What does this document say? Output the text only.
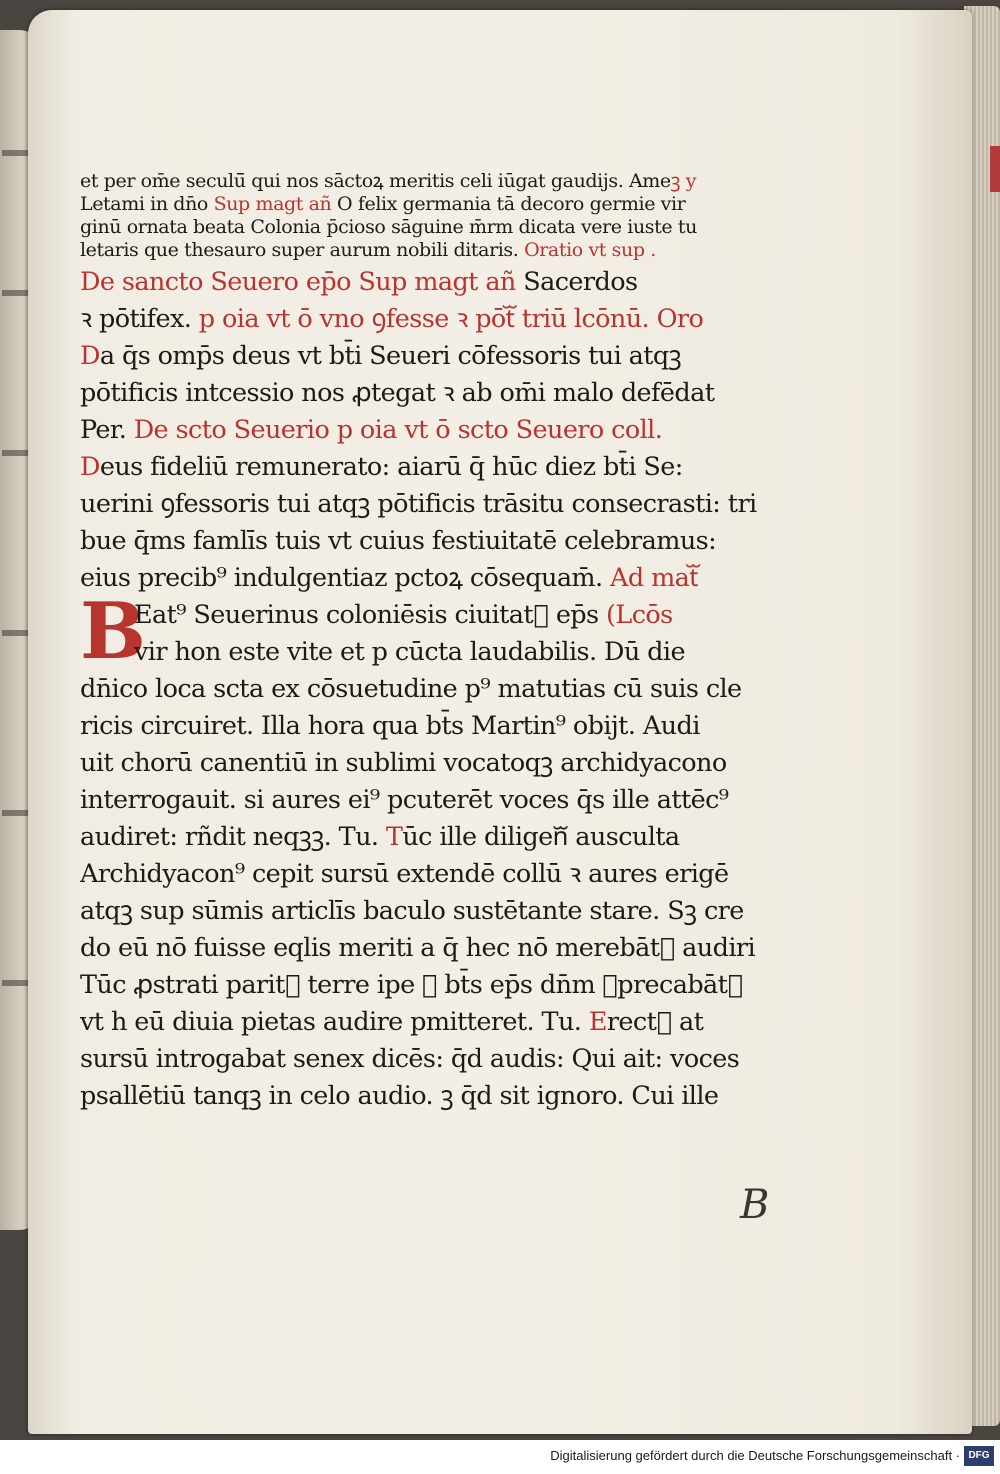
et per om̄e seculū̄ qui nos sāctoꝝ meritis celi iūgat gaudijs. Ameꝫ y
Letami in dn̄o Sup magt añ O felix germania tā decoro germie vir
ginū ornata beata Colonia p̄cioso sāguine m̄rm dicata vere iuste tu
letaris que thesauro super aurum nobili ditaris. Oratio vt sup .
De sancto Seuero ep̄o Sup magt añ Sacerdos
ꝛ pōtifex. p oia vt ō vno ꝯfesse ꝛ pōtᷓ triū lcōnū. Oro
Da q̄s omp̄s deus vt bt̄i Seueri cōfessoris tui atqꝫ
pōtificis intcessio nos ꝓtegat ꝛ ab om̄i malo defēdat
Per. De scto Seuerio p oia vt ō scto Seuero coll.
Deus fideliū remunerato: aiarū q̄ hūc diez bt̄i Se:
uerini ꝯfessoris tui atqꝫ pōtificis trāsitu consecrasti: tri
bue q̄ms famlīs tuis vt cuius festiuitatē celebramus:
eius precib⁹ indulgentiaz pctoꝝ cōsequam̄. Ad matᷓ
B
Eat⁹ Seuerinus coloniēsis ciuitatᷓ ep̄s (Lcōs
vir hon este vite et p cūcta laudabilis. Dū die
dn̄ico loca scta ex cōsuetudine p⁹ matutias cū suis cle
ricis circuiret. Illa hora qua bt̄s Martin⁹ obijt. Audi
uit chorū canentiū in sublimi vocatoqꝫ archidyacono
interrogauit. si aures ei⁹ pcuterēt voces q̄s ille attēc⁹
audiret: rñdit neqꝫꝫ. Tu. Tūc ille diligenᷓ ausculta
Archidyacon⁹ cepit sursū extendē collū ꝛ aures erigē
atqꝫ sup sūmis articlīs baculo sustētante stare. Sꝫ cre
do eū nō fuisse eqlis meriti a q̄ hec nō merebātᷓ audiri
Tūc ꝓstrati paritᷓ terre ipe ꝛ bt̄s ep̄s dn̄m ꝺprecabātᷓ
vt h eū diuia pietas audire pmitteret. Tu. Erectᷓ at
sursū introgabat senex dicēs: q̄d audis: Qui ait: voces
psallētiū tanqꝫ in celo audio. ꝫ q̄d sit ignoro. Cui ille
B
Digitalisierung gefördert durch die Deutsche Forschungsgemeinschaft · DFG
